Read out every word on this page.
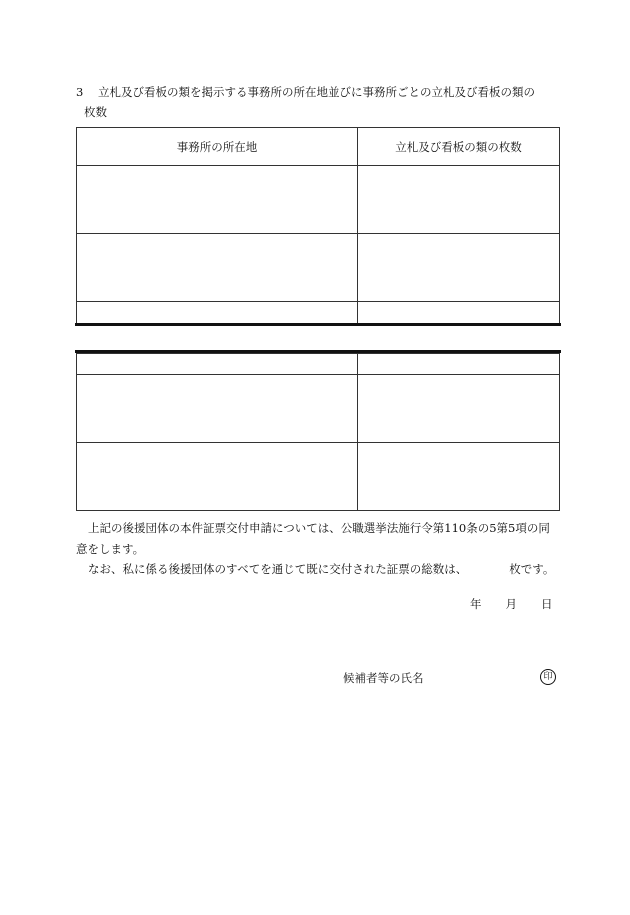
3 立札及び看板の類を掲示する事務所の所在地並びに事務所ごとの立札及び看板の類の
枚数
事務所の所在地	立札及び看板の類の枚数

上記の後援団体の本件証票交付申請については、公職選挙法施行令第110条の5第5項の同意をします。

なお、私に係る後援団体のすべてを通じて既に交付された証票の総数は、	枚です。

年 月 日
候補者等の氏名	印
